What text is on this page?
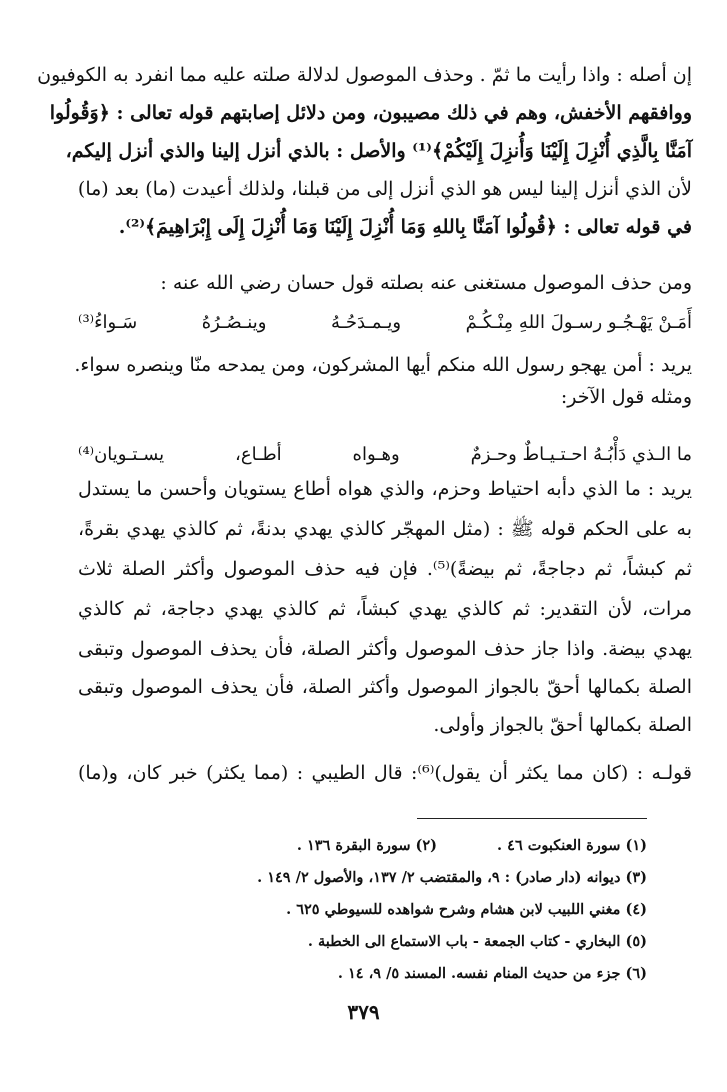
إن أصله : واذا رأيت ما ثمّ . وحذف الموصول لدلالة صلته عليه مما انفرد به الكوفيون
ووافقهم الأخفش، وهم في ذلك مصيبون، ومن دلائل إصابتهم قوله تعالى : ﴿وَقُولُوا
آمَنَّا بِالَّذِي أُنْزِلَ إِلَيْنَا وَأُنزِلَ إِلَيْكُمْ﴾⁽¹⁾ والأصل : بالذي أنزل إلينا والذي أنزل إليكم،
لأن الذي أنزل إلينا ليس هو الذي أنزل إلى من قبلنا، ولذلك أعيدت (ما) بعد (ما)
في قوله تعالى : ﴿قُولُوا آمَنَّا بِاللهِ وَمَا أُنْزِلَ إِلَيْنَا وَمَا أُنْزِلَ إِلَى إِبْرَاهِيمَ﴾⁽²⁾.
ومن حذف الموصول مستغنى عنه بصلته قول حسان رضي الله عنه :
أَمَـنْ يَهْـجُـو رسـولَ اللهِ مِنْـكُـمْ
ويـمـدَحُـهُ
وينـصُـرُهُ
سَـواءُ⁽³⁾
يريد : أمن يهجو رسول الله منكم أيها المشركون، ومن يمدحه منّا وينصره سواء.
ومثله قول الآخر:
ما الـذي دَأْبُـهُ احـتـيـاطٌ وحـزمٌ
وهـواه
أطـاع،
يسـتـويان⁽⁴⁾
يريد : ما الذي دأبه احتياط وحزم، والذي هواه أطاع يستويان وأحسن ما يستدل
به على الحكم قوله ﷺ : (مثل المهجّر كالذي يهدي بدنةً، ثم كالذي يهدي بقرةً،
ثم كبشاً، ثم دجاجةً، ثم بيضةً)⁽⁵⁾. فإن فيه حذف الموصول وأكثر الصلة ثلاث
مرات، لأن التقدير: ثم كالذي يهدي كبشاً، ثم كالذي يهدي دجاجة، ثم كالذي
يهدي بيضة. واذا جاز حذف الموصول وأكثر الصلة، فأن يحذف الموصول وتبقى
الصلة بكمالها أحقّ بالجواز الموصول وأكثر الصلة، فأن يحذف الموصول وتبقى
الصلة بكمالها أحقّ بالجواز وأولى.
قولـه : (كان مما يكثر أن يقول)⁽⁶⁾: قال الطيبي : (مما يكثر) خبر كان، و(ما)
(١) سورة العنكبوت ٤٦ .
(٢) سورة البقرة ١٣٦ .
(٣) ديوانه (دار صادر) : ٩، والمقتضب ٢/ ١٣٧، والأصول ٢/ ١٤٩ .
(٤) مغني اللبيب لابن هشام وشرح شواهده للسيوطي ٦٢٥ .
(٥) البخاري - كتاب الجمعة - باب الاستماع الى الخطبة .
(٦) جزء من حديث المنام نفسه. المسند ٥/ ٩، ١٤ .
٣٧٩
